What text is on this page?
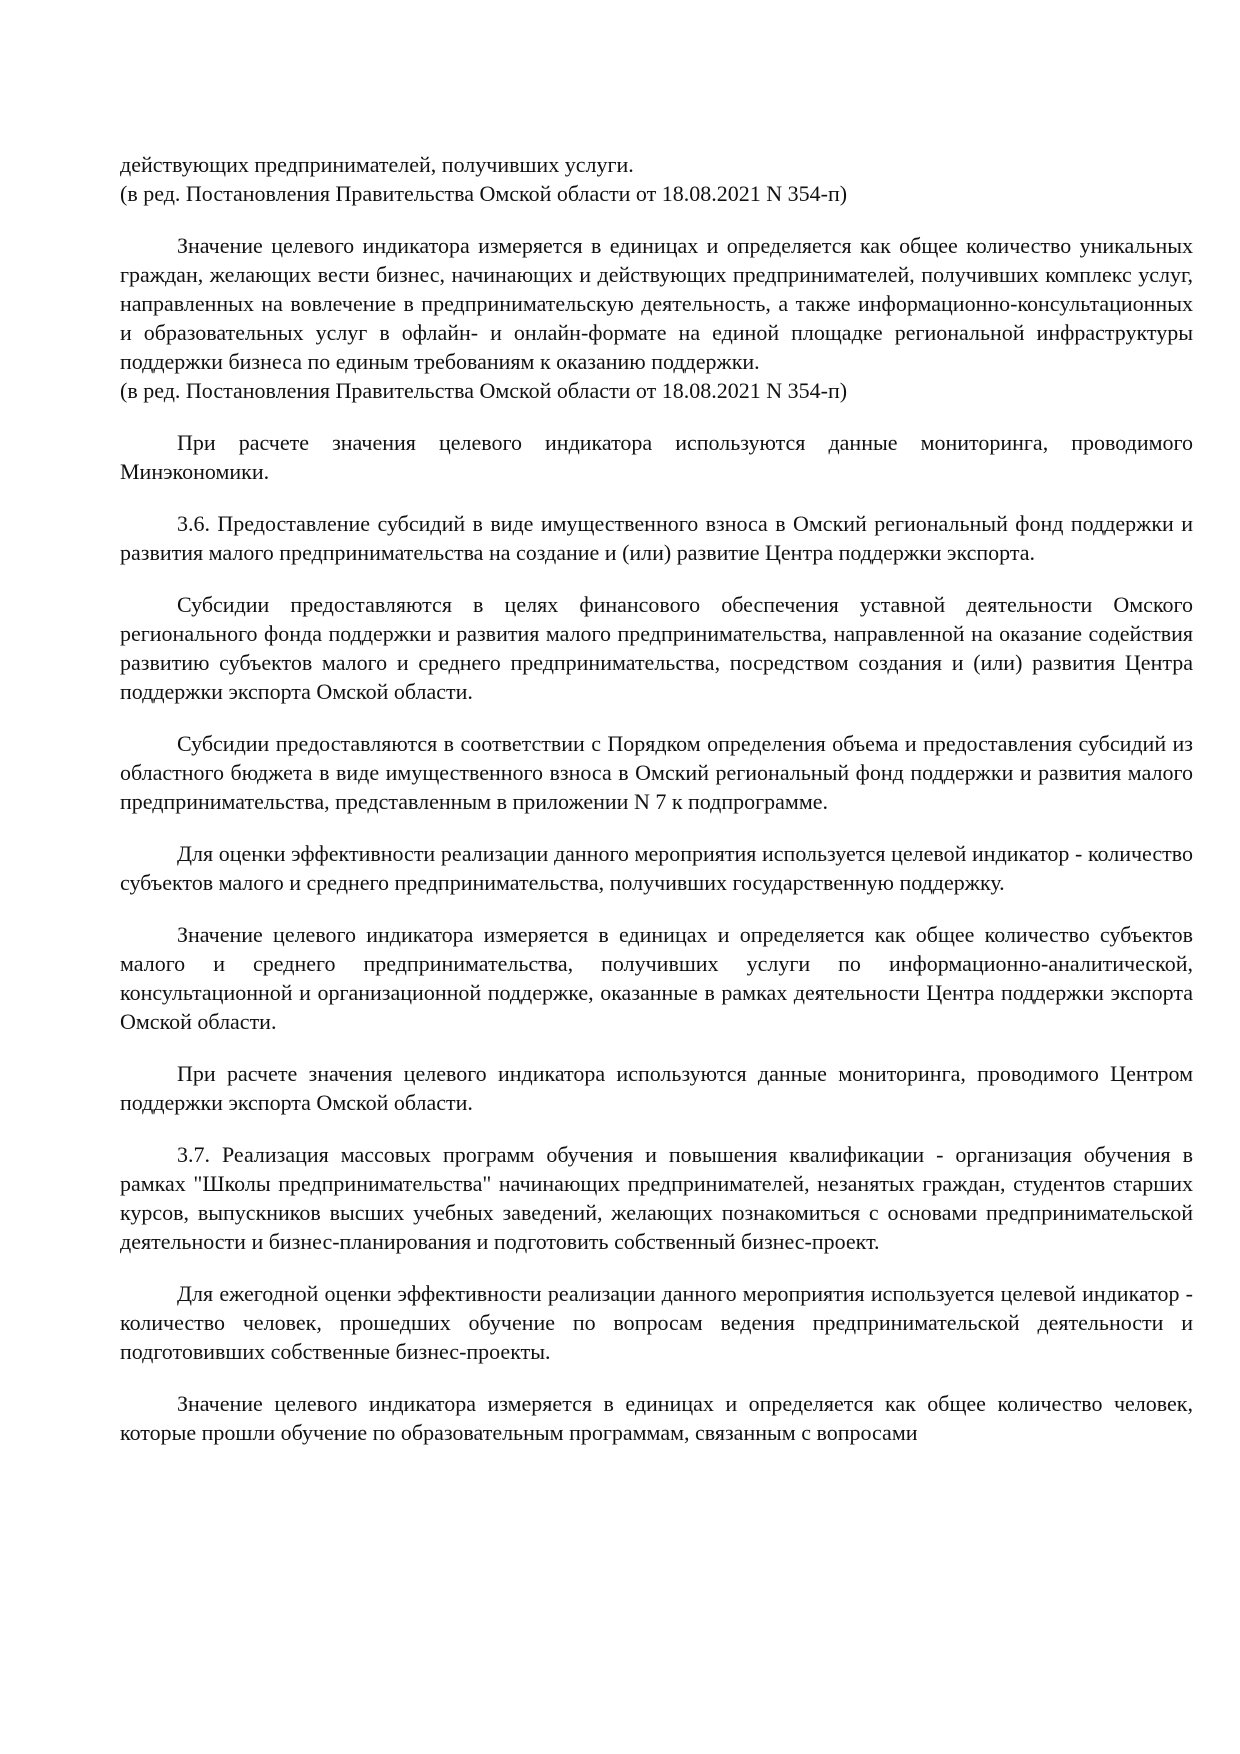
действующих предпринимателей, получивших услуги.

(в ред. Постановления Правительства Омской области от 18.08.2021 N 354-п)

Значение целевого индикатора измеряется в единицах и определяется как общее количество уникальных граждан, желающих вести бизнес, начинающих и действующих предпринимателей, получивших комплекс услуг, направленных на вовлечение в предпринимательскую деятельность, а также информационно-консультационных и образовательных услуг в офлайн- и онлайн-формате на единой площадке региональной инфраструктуры поддержки бизнеса по единым требованиям к оказанию поддержки.

(в ред. Постановления Правительства Омской области от 18.08.2021 N 354-п)

При расчете значения целевого индикатора используются данные мониторинга, проводимого Минэкономики.

3.6. Предоставление субсидий в виде имущественного взноса в Омский региональный фонд поддержки и развития малого предпринимательства на создание и (или) развитие Центра поддержки экспорта.

Субсидии предоставляются в целях финансового обеспечения уставной деятельности Омского регионального фонда поддержки и развития малого предпринимательства, направленной на оказание содействия развитию субъектов малого и среднего предпринимательства, посредством создания и (или) развития Центра поддержки экспорта Омской области.

Субсидии предоставляются в соответствии с Порядком определения объема и предоставления субсидий из областного бюджета в виде имущественного взноса в Омский региональный фонд поддержки и развития малого предпринимательства, представленным в приложении N 7 к подпрограмме.

Для оценки эффективности реализации данного мероприятия используется целевой индикатор - количество субъектов малого и среднего предпринимательства, получивших государственную поддержку.

Значение целевого индикатора измеряется в единицах и определяется как общее количество субъектов малого и среднего предпринимательства, получивших услуги по информационно-аналитической, консультационной и организационной поддержке, оказанные в рамках деятельности Центра поддержки экспорта Омской области.

При расчете значения целевого индикатора используются данные мониторинга, проводимого Центром поддержки экспорта Омской области.

3.7. Реализация массовых программ обучения и повышения квалификации - организация обучения в рамках "Школы предпринимательства" начинающих предпринимателей, незанятых граждан, студентов старших курсов, выпускников высших учебных заведений, желающих познакомиться с основами предпринимательской деятельности и бизнес-планирования и подготовить собственный бизнес-проект.

Для ежегодной оценки эффективности реализации данного мероприятия используется целевой индикатор - количество человек, прошедших обучение по вопросам ведения предпринимательской деятельности и подготовивших собственные бизнес-проекты.

Значение целевого индикатора измеряется в единицах и определяется как общее количество человек, которые прошли обучение по образовательным программам, связанным с вопросами
